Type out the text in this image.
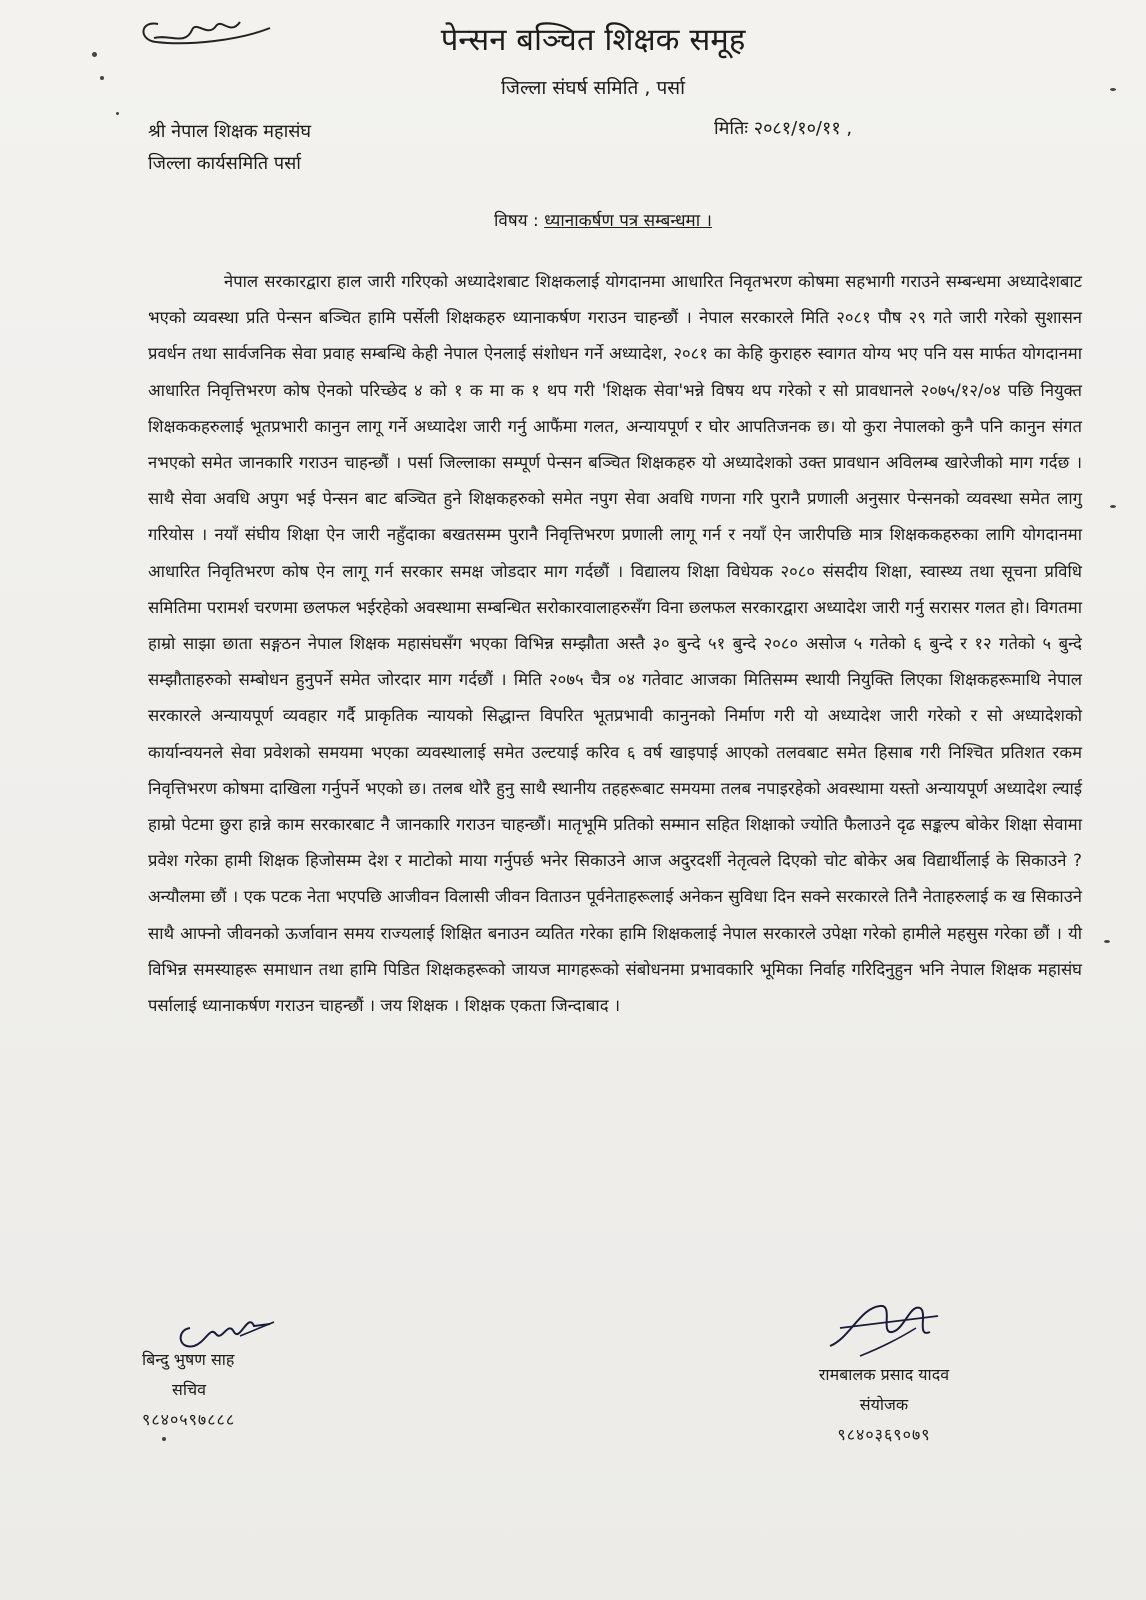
अद्यावधि	पेन्सन बञ्चित शिक्षक समूह
जिल्ला संघर्ष समिति , पर्सा
श्री नेपाल शिक्षक महासंघ
जिल्ला कार्यसमिति पर्सा
मितिः २०८१/१०/११ ,
विषय : ध्यानाकर्षण पत्र सम्बन्धमा ।

नेपाल सरकारद्वारा हाल जारी गरिएको अध्यादेशबाट शिक्षकलाई योगदानमा आधारित निवृतभरण कोषमा सहभागी गराउने सम्बन्धमा अध्यादेशबाट भएको व्यवस्था प्रति पेन्सन बञ्चित हामि पर्सेली शिक्षकहरु ध्यानाकर्षण गराउन चाहन्छौं । नेपाल सरकारले मिति २०८१ पौष २९ गते जारी गरेको सुशासन प्रवर्धन तथा सार्वजनिक सेवा प्रवाह सम्बन्धि केही नेपाल ऐनलाई संशोधन गर्ने अध्यादेश, २०८१ का केहि कुराहरु स्वागत योग्य भए पनि यस मार्फत योगदानमा आधारित निवृत्तिभरण कोष ऐनको परिच्छेद ४ को १ क मा क १ थप गरी 'शिक्षक सेवा'भन्ने विषय थप गरेको र सो प्रावधानले २०७५/१२/०४ पछि नियुक्त शिक्षककहरुलाई भूतप्रभारी कानुन लागू गर्ने अध्यादेश जारी गर्नु आफैंमा गलत, अन्यायपूर्ण र घोर आपतिजनक छ। यो कुरा नेपालको कुनै पनि कानुन संगत नभएको समेत जानकारि गराउन चाहन्छौं । पर्सा जिल्लाका सम्पूर्ण पेन्सन बञ्चित शिक्षकहरु यो अध्यादेशको उक्त प्रावधान अविलम्ब खारेजीको माग गर्दछ । साथै सेवा अवधि अपुग भई पेन्सन बाट बञ्चित हुने शिक्षकहरुको समेत नपुग सेवा अवधि गणना गरि पुरानै प्रणाली अनुसार पेन्सनको व्यवस्था समेत लागु गरियोस । नयाँ संघीय शिक्षा ऐन जारी नहुँदाका बखतसम्म पुरानै निवृत्तिभरण प्रणाली लागू गर्न र नयाँ ऐन जारीपछि मात्र शिक्षककहरुका लागि योगदानमा आधारित निवृतिभरण कोष ऐन लागू गर्न सरकार समक्ष जोडदार माग गर्दछौं । विद्यालय शिक्षा विधेयक २०८० संसदीय शिक्षा, स्वास्थ्य तथा सूचना प्रविधि समितिमा परामर्श चरणमा छलफल भईरहेको अवस्थामा सम्बन्धित सरोकारवालाहरुसँग विना छलफल सरकारद्वारा अध्यादेश जारी गर्नु सरासर गलत हो। विगतमा हाम्रो साझा छाता सङ्गठन नेपाल शिक्षक महासंघसँग भएका विभिन्न सम्झौता अस्तै ३० बुन्दे ५१ बुन्दे २०८० असोज ५ गतेको ६ बुन्दे र १२ गतेको ५ बुन्दे सम्झौताहरुको सम्बोधन हुनुपर्ने समेत जोरदार माग गर्दछौं । मिति २०७५ चैत्र ०४ गतेवाट आजका मितिसम्म स्थायी नियुक्ति लिएका शिक्षकहरूमाथि नेपाल सरकारले अन्यायपूर्ण व्यवहार गर्दै प्राकृतिक न्यायको सिद्धान्त विपरित भूतप्रभावी कानुनको निर्माण गरी यो अध्यादेश जारी गरेको र सो अध्यादेशको कार्यान्वयनले सेवा प्रवेशको समयमा भएका व्यवस्थालाई समेत उल्टयाई करिव ६ वर्ष खाइपाई आएको तलवबाट समेत हिसाब गरी निश्चित प्रतिशत रकम निवृत्तिभरण कोषमा दाखिला गर्नुपर्ने भएको छ। तलब थोरै हुनु साथै स्थानीय तहहरूबाट समयमा तलब नपाइरहेको अवस्थामा यस्तो अन्यायपूर्ण अध्यादेश ल्याई हाम्रो पेटमा छुरा हान्ने काम सरकारबाट नै जानकारि गराउन चाहन्छौं। मातृभूमि प्रतिको सम्मान सहित शिक्षाको ज्योति फैलाउने दृढ सङ्कल्प बोकेर शिक्षा सेवामा प्रवेश गरेका हामी शिक्षक हिजोसम्म देश र माटोको माया गर्नुपर्छ भनेर सिकाउने आज अदुरदर्शी नेतृत्वले दिएको चोट बोकेर अब विद्यार्थीलाई के सिकाउने ? अन्यौलमा छौं । एक पटक नेता भएपछि आजीवन विलासी जीवन विताउन पूर्वनेताहरूलाई अनेकन सुविधा दिन सक्ने सरकारले तिनै नेताहरुलाई क ख सिकाउने साथै आफ्नो जीवनको ऊर्जावान समय राज्यलाई शिक्षित बनाउन व्यतित गरेका हामि शिक्षकलाई नेपाल सरकारले उपेक्षा गरेको हामीले महसुस गरेका छौं । यी विभिन्न समस्याहरू समाधान तथा हामि पिडित शिक्षकहरूको जायज मागहरूको संबोधनमा प्रभावकारि भूमिका निर्वाह गरिदिनुहुन भनि नेपाल शिक्षक महासंघ पर्सालाई ध्यानाकर्षण गराउन चाहन्छौं । जय शिक्षक । शिक्षक एकता जिन्दाबाद ।

बिन्दु भुषण साह
सचिव
९८४०५९७८८८
रामबालक प्रसाद यादव
संयोजक
९८४०३६९०७९
